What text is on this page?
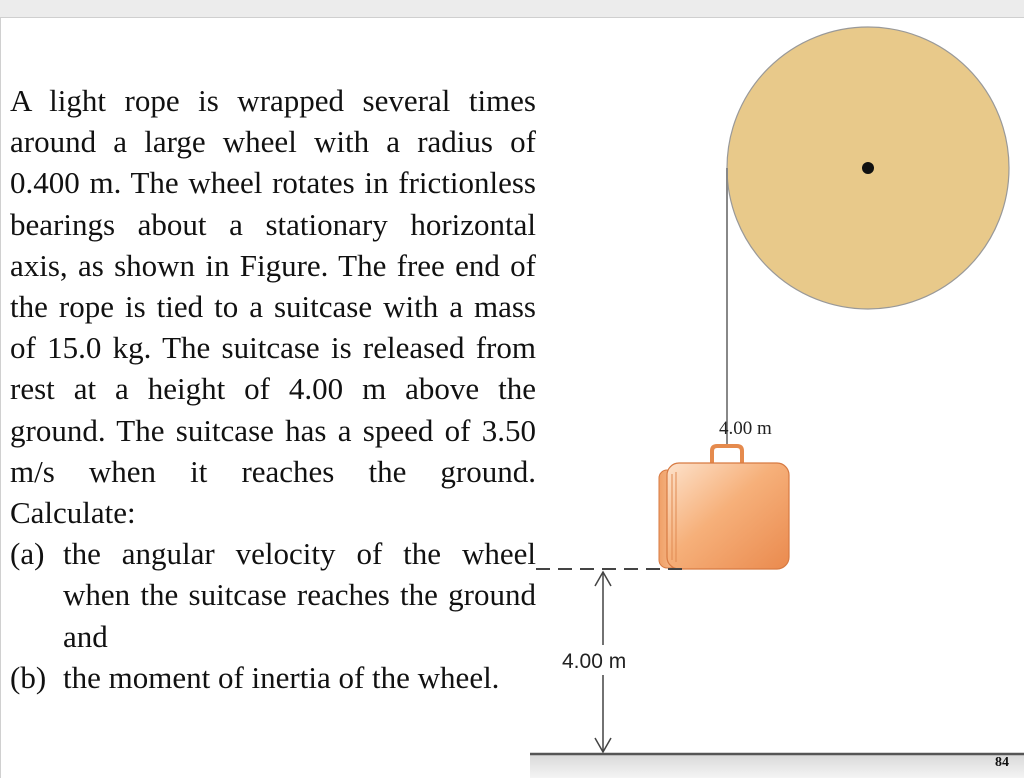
A light rope is wrapped several times around a large wheel with a radius of 0.400 m. The wheel rotates in frictionless bearings about a stationary horizontal axis, as shown in Figure. The free end of the rope is tied to a suitcase with a mass of 15.0 kg. The suitcase is released from rest at a height of 4.00 m above the ground. The suitcase has a speed of 3.50 m/s when it reaches the ground. Calculate:

(a) the angular velocity of the wheel when the suitcase reaches the ground and
(b) the moment of inertia of the wheel.
4.00 m
4.00 m
84
